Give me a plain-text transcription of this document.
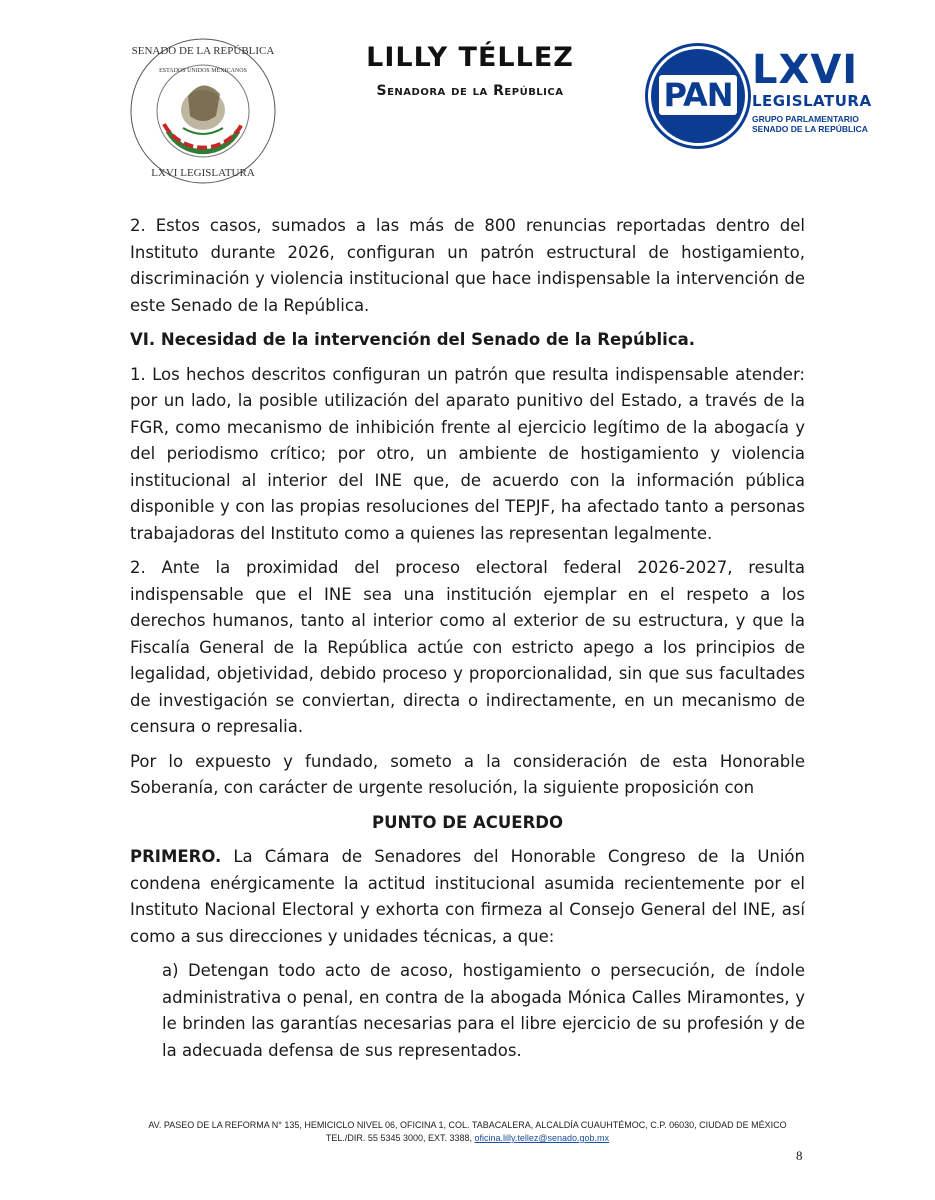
SENADO DE LA REPÚBLICA
ESTADOS UNIDOS MEXICANOS
LXVI LEGISLATURA
LILLY TÉLLEZ
Senadora de la República	PAN
LXVI
LEGISLATURA
GRUPO PARLAMENTARIO
SENADO DE LA REPÚBLICA

2. Estos casos, sumados a las más de 800 renuncias reportadas dentro del Instituto durante 2026, configuran un patrón estructural de hostigamiento, discriminación y violencia institucional que hace indispensable la intervención de este Senado de la República.

VI. Necesidad de la intervención del Senado de la República.

1. Los hechos descritos configuran un patrón que resulta indispensable atender: por un lado, la posible utilización del aparato punitivo del Estado, a través de la FGR, como mecanismo de inhibición frente al ejercicio legítimo de la abogacía y del periodismo crítico; por otro, un ambiente de hostigamiento y violencia institucional al interior del INE que, de acuerdo con la información pública disponible y con las propias resoluciones del TEPJF, ha afectado tanto a personas trabajadoras del Instituto como a quienes las representan legalmente.

2. Ante la proximidad del proceso electoral federal 2026-2027, resulta indispensable que el INE sea una institución ejemplar en el respeto a los derechos humanos, tanto al interior como al exterior de su estructura, y que la Fiscalía General de la República actúe con estricto apego a los principios de legalidad, objetividad, debido proceso y proporcionalidad, sin que sus facultades de investigación se conviertan, directa o indirectamente, en un mecanismo de censura o represalia.

Por lo expuesto y fundado, someto a la consideración de esta Honorable Soberanía, con carácter de urgente resolución, la siguiente proposición con

PUNTO DE ACUERDO

PRIMERO. La Cámara de Senadores del Honorable Congreso de la Unión condena enérgicamente la actitud institucional asumida recientemente por el Instituto Nacional Electoral y exhorta con firmeza al Consejo General del INE, así como a sus direcciones y unidades técnicas, a que:

a) Detengan todo acto de acoso, hostigamiento o persecución, de índole administrativa o penal, en contra de la abogada Mónica Calles Miramontes, y le brinden las garantías necesarias para el libre ejercicio de su profesión y de la adecuada defensa de sus representados.

AV. PASEO DE LA REFORMA N° 135, HEMICICLO NIVEL 06, OFICINA 1, COL. TABACALERA, ALCALDÍA CUAUHTÉMOC, C.P. 06030, CIUDAD DE MÉXICO
TEL./DIR. 55 5345 3000, EXT. 3388, oficina.lilly.tellez@senado.gob.mx
8
